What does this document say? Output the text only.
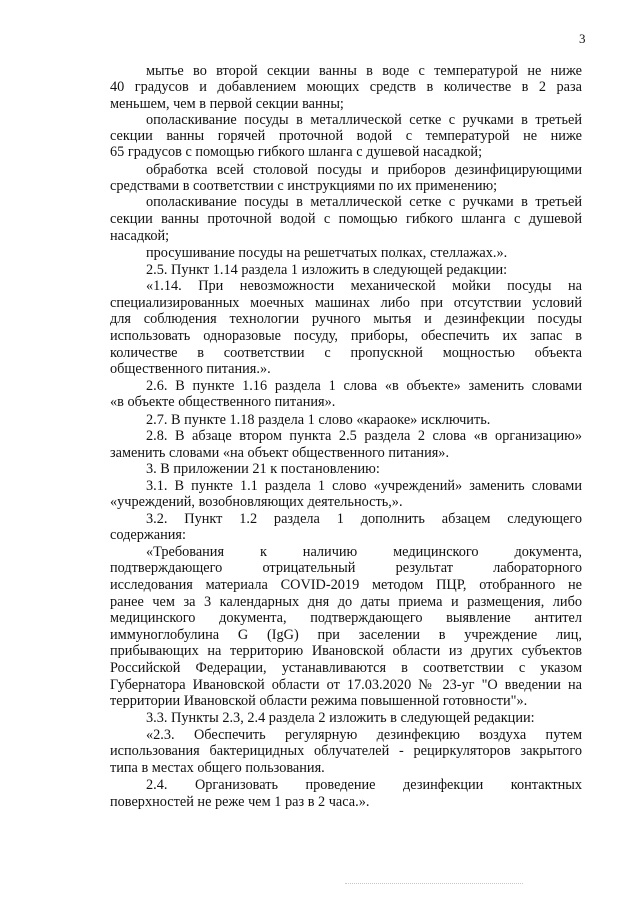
3
мытье во второй секции ванны в воде с температурой не ниже
40 градусов и добавлением моющих средств в количестве в 2 раза
меньшем, чем в первой секции ванны;
ополаскивание посуды в металлической сетке с ручками в третьей
секции ванны горячей проточной водой с температурой не ниже
65 градусов с помощью гибкого шланга с душевой насадкой;
обработка всей столовой посуды и приборов дезинфицирующими
средствами в соответствии с инструкциями по их применению;
ополаскивание посуды в металлической сетке с ручками в третьей
секции ванны проточной водой с помощью гибкого шланга с душевой
насадкой;
просушивание посуды на решетчатых полках, стеллажах.».
2.5. Пункт 1.14 раздела 1 изложить в следующей редакции:
«1.14. При невозможности механической мойки посуды на
специализированных моечных машинах либо при отсутствии условий
для соблюдения технологии ручного мытья и дезинфекции посуды
использовать одноразовые посуду, приборы, обеспечить их запас в
количестве в соответствии с пропускной мощностью объекта
общественного питания.».
2.6. В пункте 1.16 раздела 1 слова «в объекте» заменить словами
«в объекте общественного питания».
2.7. В пункте 1.18 раздела 1 слово «караоке» исключить.
2.8. В абзаце втором пункта 2.5 раздела 2 слова «в организацию»
заменить словами «на объект общественного питания».
3. В приложении 21 к постановлению:
3.1. В пункте 1.1 раздела 1 слово «учреждений» заменить словами
«учреждений, возобновляющих деятельность,».
3.2. Пункт 1.2 раздела 1 дополнить абзацем следующего
содержания:
«Требования к наличию медицинского документа,
подтверждающего отрицательный результат лабораторного
исследования материала COVID-2019 методом ПЦР, отобранного не
ранее чем за 3 календарных дня до даты приема и размещения, либо
медицинского документа, подтверждающего выявление антител
иммуноглобулина G (IgG) при заселении в учреждение лиц,
прибывающих на территорию Ивановской области из других субъектов
Российской Федерации, устанавливаются в соответствии с указом
Губернатора Ивановской области от 17.03.2020 № 23-уг "О введении на
территории Ивановской области режима повышенной готовности"».
3.3. Пункты 2.3, 2.4 раздела 2 изложить в следующей редакции:
«2.3. Обеспечить регулярную дезинфекцию воздуха путем
использования бактерицидных облучателей - рециркуляторов закрытого
типа в местах общего пользования.
2.4. Организовать проведение дезинфекции контактных
поверхностей не реже чем 1 раз в 2 часа.».
